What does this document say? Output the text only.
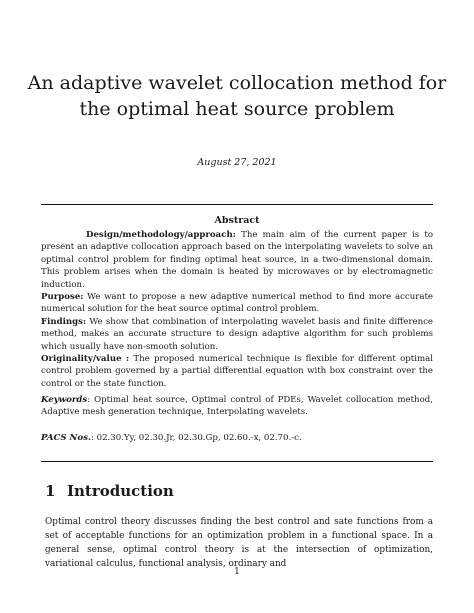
An adaptive wavelet collocation method for the optimal heat source problem
August 27, 2021
Abstract

Design/methodology/approach: The main aim of the current paper is to present an adaptive collocation approach based on the interpolating wavelets to solve an optimal control problem for finding optimal heat source, in a two-dimensional domain. This problem arises when the domain is heated by microwaves or by electromagnetic induction.

Purpose: We want to propose a new adaptive numerical method to find more accurate numerical solution for the heat source optimal control problem.

Findings: We show that combination of interpolating wavelet basis and finite difference method, makes an accurate structure to design adaptive algorithm for such problems which usually have non-smooth solution.

Originality/value : The proposed numerical technique is flexible for different optimal control problem governed by a partial differential equation with box constraint over the control or the state function.

Keywords: Optimal heat source, Optimal control of PDEs, Wavelet collocation method, Adaptive mesh generation technique, Interpolating wavelets.
PACS Nos.: 02.30.Yy, 02.30.Jr, 02.30.Gp, 02.60.-x, 02.70.-c.
1 Introduction

Optimal control theory discusses finding the best control and sate functions from a set of acceptable functions for an optimization problem in a functional space. In a general sense, optimal control theory is at the intersection of optimization, variational calculus, functional analysis, ordinary and

1
